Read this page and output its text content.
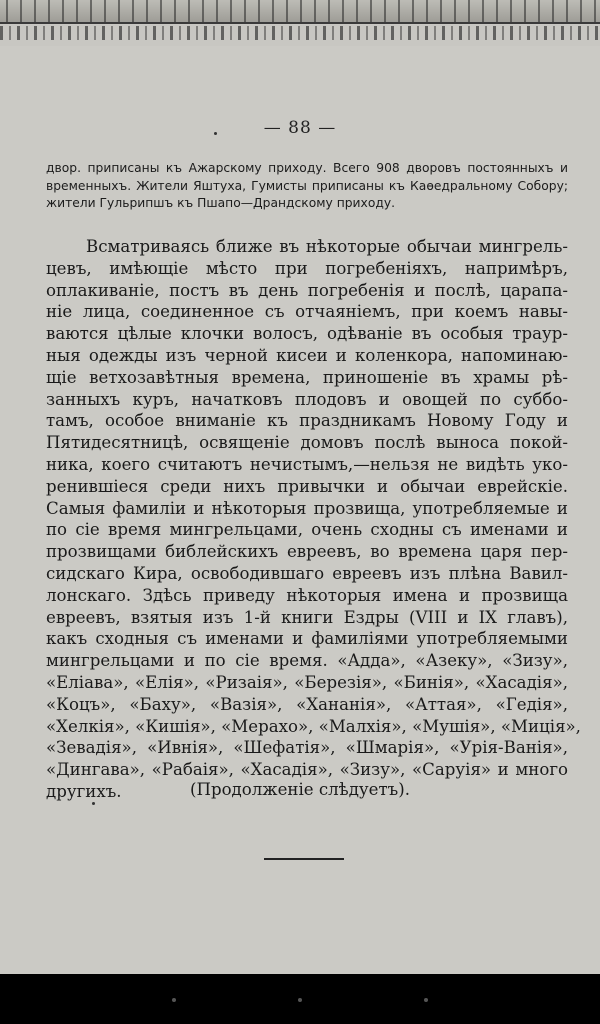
— 88 —
двор. приписаны къ Ажарскому приходу. Всего 908 дворовъ постоянныхъ и временныхъ. Жители Яштуха, Гумисты приписаны къ Каѳедральному Собору; жители Гульрипшъ къ Пшапо—Драндскому приходу.
Всматриваясь ближе въ нѣкоторые обычаи мингрель-
цевъ, имѣющіе мѣсто при погребеніяхъ, напримѣръ,
оплакиваніе, постъ въ день погребенія и послѣ, царапа-
ніе лица, соединенное съ отчаяніемъ, при коемъ навы-
ваются цѣлые клочки волосъ, одѣваніе въ особыя траур-
ныя одежды изъ черной кисеи и коленкора, напоминаю-
щіе ветхозавѣтныя времена, приношеніе въ храмы рѣ-
занныхъ куръ, начатковъ плодовъ и овощей по суббо-
тамъ, особое вниманіе къ праздникамъ Новому Году и
Пятидесятницѣ, освященіе домовъ послѣ выноса покой-
ника, коего считаютъ нечистымъ,—нельзя не видѣть уко-
ренившіеся среди нихъ привычки и обычаи еврейскіе.
Самыя фамиліи и нѣкоторыя прозвища, употребляемые и
по сіе время мингрельцами, очень сходны съ именами и
прозвищами библейскихъ евреевъ, во времена царя пер-
сидскаго Кира, освободившаго евреевъ изъ плѣна Вавил-
лонскаго. Здѣсь приведу нѣкоторыя имена и прозвища
евреевъ, взятыя изъ 1-й книги Ездры (VIII и IX главъ),
какъ сходныя съ именами и фамиліями употребляемыми
мингрельцами и по сіе время. «Адда», «Азеку», «Зизу»,
«Еліава», «Елія», «Ризаія», «Березія», «Бинія», «Хасадія»,
«Коцъ», «Баху», «Вазія», «Хананія», «Аттая», «Гедія»,
«Хелкія», «Кишія», «Мерахо», «Малхія», «Мушія», «Миція»,
«Зевадія», «Ивнія», «Шефатія», «Шмарія», «Урія-Ванія»,
«Дингава», «Рабаія», «Хасадія», «Зизу», «Саруія» и много
другихъ.	(Продолженіе слѣдуетъ).
